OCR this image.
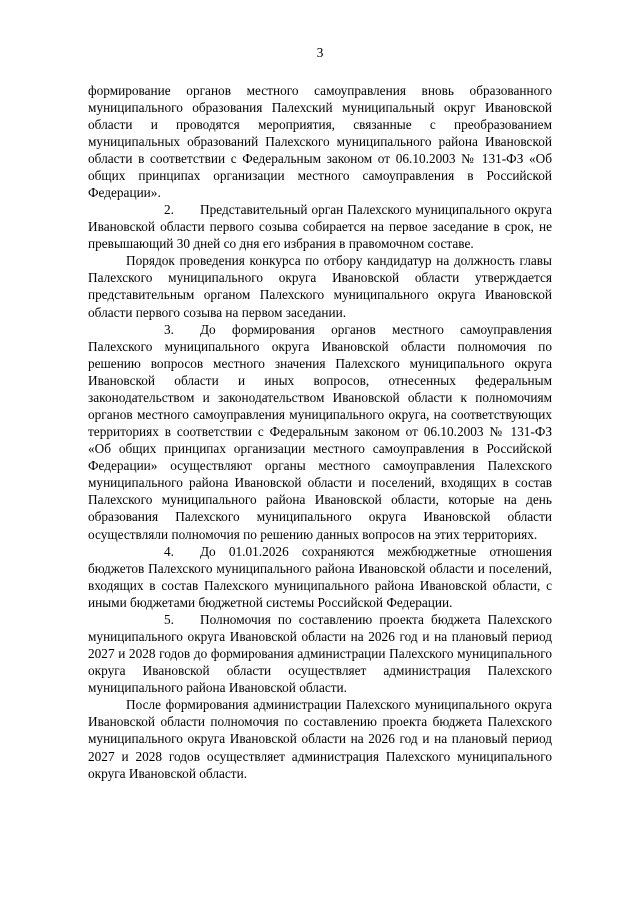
3
формирование органов местного самоуправления вновь образованного муниципального образования Палехский муниципальный округ Ивановской области и проводятся мероприятия, связанные с преобразованием муниципальных образований Палехского муниципального района Ивановской области в соответствии с Федеральным законом от 06.10.2003 № 131-ФЗ «Об общих принципах организации местного самоуправления в Российской Федерации».
2. Представительный орган Палехского муниципального округа Ивановской области первого созыва собирается на первое заседание в срок, не превышающий 30 дней со дня его избрания в правомочном составе.
Порядок проведения конкурса по отбору кандидатур на должность главы Палехского муниципального округа Ивановской области утверждается представительным органом Палехского муниципального округа Ивановской области первого созыва на первом заседании.
3. До формирования органов местного самоуправления Палехского муниципального округа Ивановской области полномочия по решению вопросов местного значения Палехского муниципального округа Ивановской области и иных вопросов, отнесенных федеральным законодательством и законодательством Ивановской области к полномочиям органов местного самоуправления муниципального округа, на соответствующих территориях в соответствии с Федеральным законом от 06.10.2003 № 131-ФЗ «Об общих принципах организации местного самоуправления в Российской Федерации» осуществляют органы местного самоуправления Палехского муниципального района Ивановской области и поселений, входящих в состав Палехского муниципального района Ивановской области, которые на день образования Палехского муниципального округа Ивановской области осуществляли полномочия по решению данных вопросов на этих территориях.
4. До 01.01.2026 сохраняются межбюджетные отношения бюджетов Палехского муниципального района Ивановской области и поселений, входящих в состав Палехского муниципального района Ивановской области, с иными бюджетами бюджетной системы Российской Федерации.
5. Полномочия по составлению проекта бюджета Палехского муниципального округа Ивановской области на 2026 год и на плановый период 2027 и 2028 годов до формирования администрации Палехского муниципального округа Ивановской области осуществляет администрация Палехского муниципального района Ивановской области.
После формирования администрации Палехского муниципального округа Ивановской области полномочия по составлению проекта бюджета Палехского муниципального округа Ивановской области на 2026 год и на плановый период 2027 и 2028 годов осуществляет администрация Палехского муниципального округа Ивановской области.
